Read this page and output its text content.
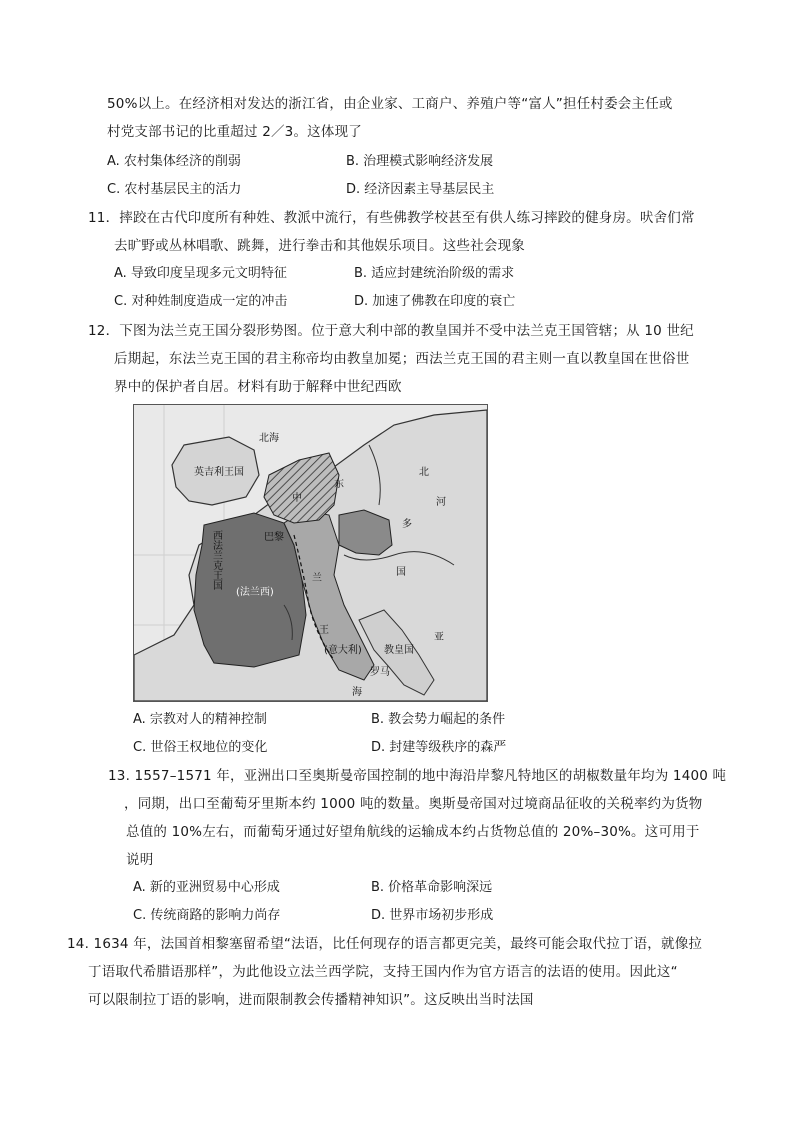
50%以上。在经济相对发达的浙江省，由企业家、工商户、养殖户等“富人”担任村委会主任或
村党支部书记的比重超过 2／3。这体现了
A. 农村集体经济的削弱	B. 治理模式影响经济发展
C. 农村基层民主的活力	D. 经济因素主导基层民主
11．摔跤在古代印度所有种姓、教派中流行，有些佛教学校甚至有供人练习摔跤的健身房。吠舍们常
去旷野或丛林唱歌、跳舞，进行拳击和其他娱乐项目。这些社会现象
A. 导致印度呈现多元文明特征	B. 适应封建统治阶级的需求
C. 对种姓制度造成一定的冲击	D. 加速了佛教在印度的衰亡
12．下图为法兰克王国分裂形势图。位于意大利中部的教皇国并不受中法兰克王国管辖；从 10 世纪
后期起，东法兰克王国的君主称帝均由教皇加冕；西法兰克王国的君主则一直以教皇国在世俗世
界中的保护者自居。材料有助于解释中世纪西欧
北海
英吉利王国
东
中
巴黎
(法兰西)
兰
王
(意大利) 教皇国
罗马
海
北
河
多
国
亚
西法兰克王国
A. 宗教对人的精神控制	B. 教会势力崛起的条件
C. 世俗王权地位的变化	D. 封建等级秩序的森严
13. 1557–1571 年，亚洲出口至奥斯曼帝国控制的地中海沿岸黎凡特地区的胡椒数量年均为 1400 吨
，同期，出口至葡萄牙里斯本约 1000 吨的数量。奥斯曼帝国对过境商品征收的关税率约为货物
总值的 10%左右，而葡萄牙通过好望角航线的运输成本约占货物总值的 20%–30%。这可用于
说明
A. 新的亚洲贸易中心形成	B. 价格革命影响深远
C. 传统商路的影响力尚存	D. 世界市场初步形成
14. 1634 年，法国首相黎塞留希望“法语，比任何现存的语言都更完美，最终可能会取代拉丁语，就像拉
丁语取代希腊语那样”，为此他设立法兰西学院，支持王国内作为官方语言的法语的使用。因此这“
可以限制拉丁语的影响，进而限制教会传播精神知识”。这反映出当时法国
